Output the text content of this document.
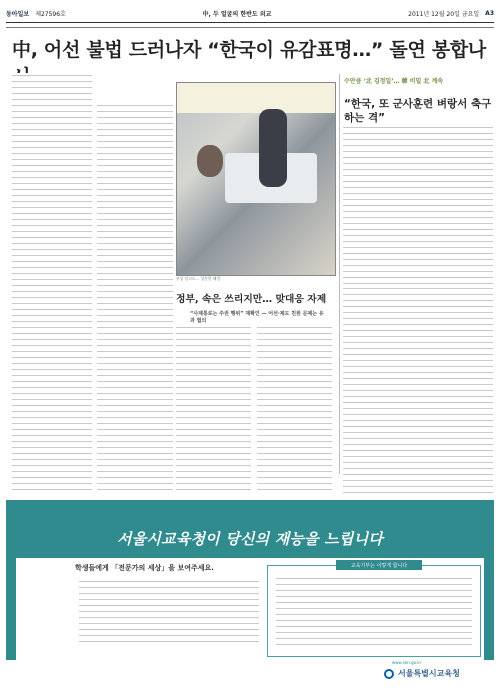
동아일보 제27596호	中, 두 얼굴의 한반도 외교	2011년 12월 20일 금요일 A3
中, 어선 불법 드러나자 “한국이 유감표명…” 돌연 봉합나
부상 입고도… 성분한 해경
정부, 속은 쓰리지만… 맞대응 자제
“사제통로는 주권 행위” 재확인 — 어선·제도 친원 문제는 유과 협의
수만큼 ‘北 김정일’… 韓 비밀 北 계속
“한국, 또 군사훈련 벼랑서 축구하는 격”
서울시교육청이 당신의 재능을 느립니다
학생들에게 「전문가의 세상」을 보여주세요.	교육기부는 이렇게 합니다
서울특별시교육청
www.sen.go.kr
